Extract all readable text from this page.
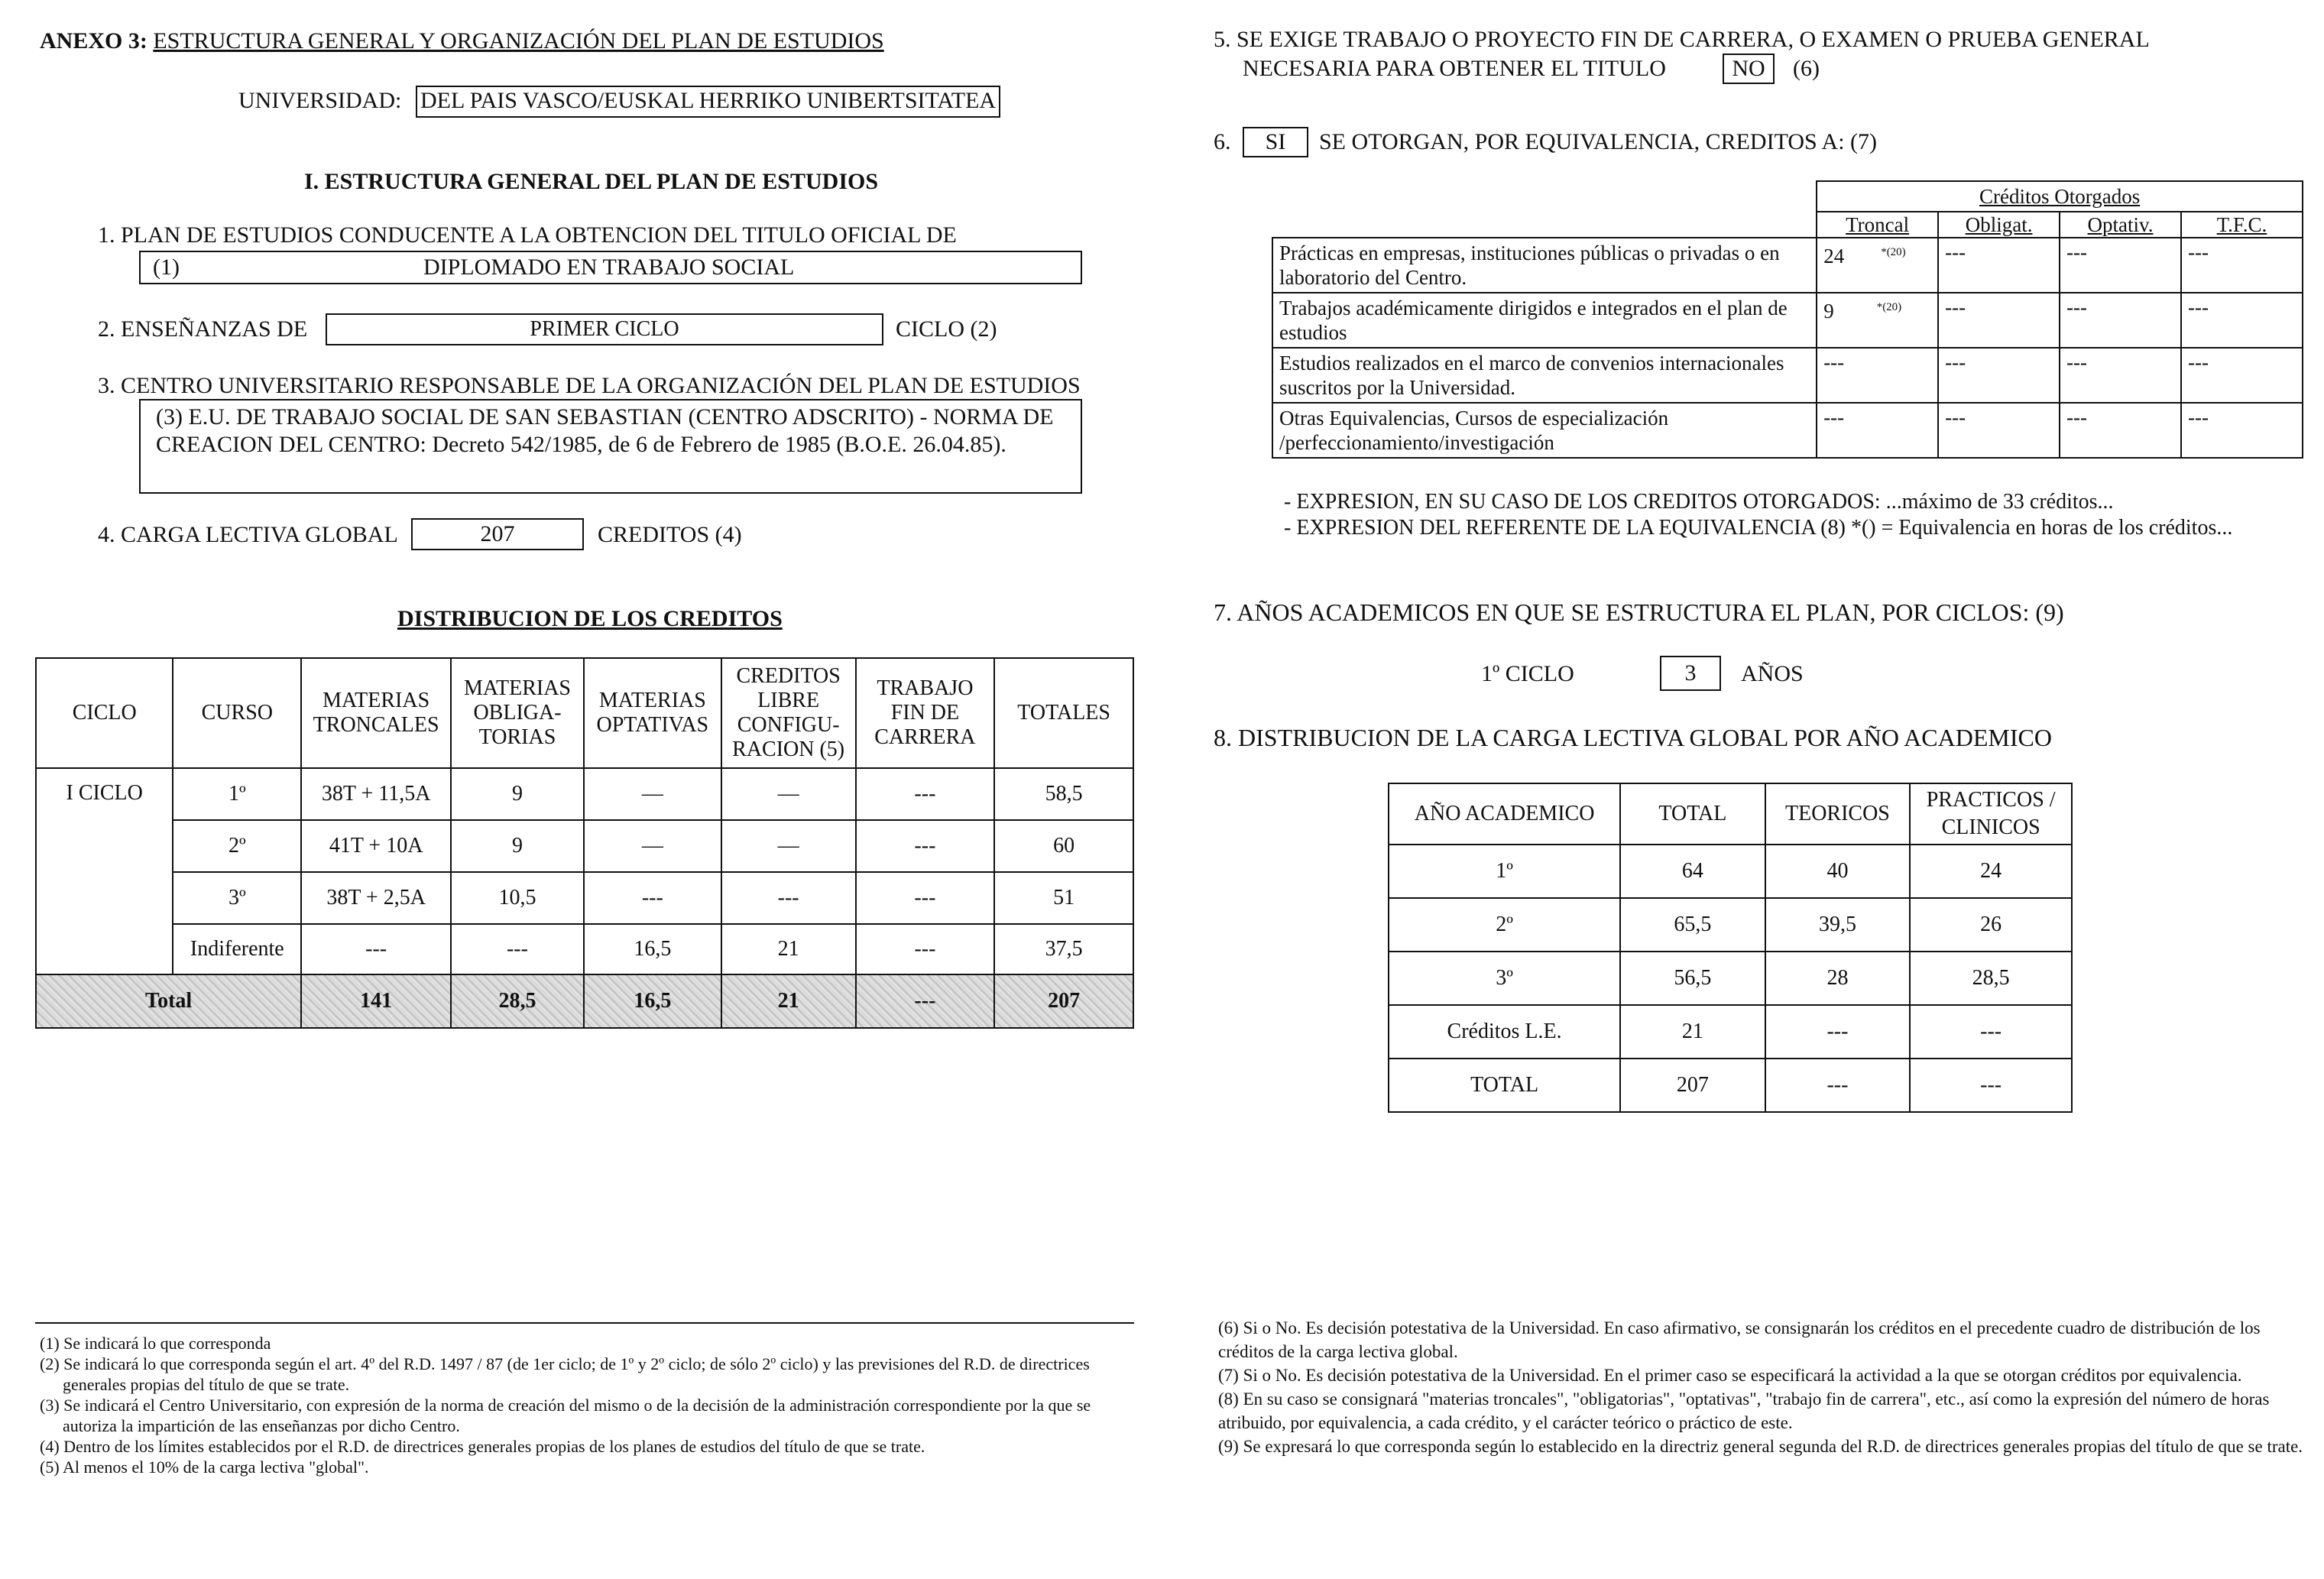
ANEXO 3: ESTRUCTURA GENERAL Y ORGANIZACIÓN DEL PLAN DE ESTUDIOS
UNIVERSIDAD: DEL PAIS VASCO/EUSKAL HERRIKO UNIBERTSITATEA
I. ESTRUCTURA GENERAL DEL PLAN DE ESTUDIOS
1. PLAN DE ESTUDIOS CONDUCENTE A LA OBTENCION DEL TITULO OFICIAL DE
(1)	DIPLOMADO EN TRABAJO SOCIAL
2. ENSEÑANZAS DE	PRIMER CICLO	CICLO (2)
3. CENTRO UNIVERSITARIO RESPONSABLE DE LA ORGANIZACIÓN DEL PLAN DE ESTUDIOS
(3) E.U. DE TRABAJO SOCIAL DE SAN SEBASTIAN (CENTRO ADSCRITO) - NORMA DE CREACION DEL CENTRO: Decreto 542/1985, de 6 de Febrero de 1985 (B.O.E. 26.04.85).
4. CARGA LECTIVA GLOBAL	207	CREDITOS (4)
DISTRIBUCION DE LOS CREDITOS
CICLO	CURSO	MATERIAS TRONCALES	MATERIAS OBLIGA-TORIAS	MATERIAS OPTATIVAS	CREDITOS LIBRE CONFIGU-RACION (5)	TRABAJO FIN DE CARRERA	TOTALES
I CICLO	1º	38T + 11,5A	9	—	—	---	58,5
	2º	41T + 10A	9	—	—	---	60
	3º	38T + 2,5A	10,5	---	---	---	51
	Indiferente	---	---	16,5	21	---	37,5
Total		141	28,5	16,5	21	---	207
(1) Se indicará lo que corresponda
(2) Se indicará lo que corresponda según el art. 4º del R.D. 1497 / 87 (de 1er ciclo; de 1º y 2º ciclo; de sólo 2º ciclo) y las previsiones del R.D. de directrices generales propias del título de que se trate.
(3) Se indicará el Centro Universitario, con expresión de la norma de creación del mismo o de la decisión de la administración correspondiente por la que se autoriza la impartición de las enseñanzas por dicho Centro.
(4) Dentro de los límites establecidos por el R.D. de directrices generales propias de los planes de estudios del título de que se trate.
(5) Al menos el 10% de la carga lectiva "global".
5. SE EXIGE TRABAJO O PROYECTO FIN DE CARRERA, O EXAMEN O PRUEBA GENERAL
NECESARIA PARA OBTENER EL TITULO	NO	(6)
6.	SI	SE OTORGAN, POR EQUIVALENCIA, CREDITOS A: (7)
	Créditos Otorgados			
	Troncal	Obligat.	Optativ.	T.F.C.
Prácticas en empresas, instituciones públicas o privadas o en laboratorio del Centro.	24 $^{*(20)}$	---	---	---
Trabajos académicamente dirigidos e integrados en el plan de estudios	9 $^{*(20)}$	---	---	---
Estudios realizados en el marco de convenios internacionales suscritos por la Universidad.	---	---	---	---
Otras Equivalencias, Cursos de especialización /perfeccionamiento/investigación	---	---	---	---
- EXPRESION, EN SU CASO DE LOS CREDITOS OTORGADOS: ...máximo de 33 créditos...
- EXPRESION DEL REFERENTE DE LA EQUIVALENCIA (8) *() = Equivalencia en horas de los créditos...
7. AÑOS ACADEMICOS EN QUE SE ESTRUCTURA EL PLAN, POR CICLOS: (9)
1º CICLO	3	AÑOS
8. DISTRIBUCION DE LA CARGA LECTIVA GLOBAL POR AÑO ACADEMICO
AÑO ACADEMICO	TOTAL	TEORICOS	PRACTICOS / CLINICOS
1º	64	40	24
2º	65,5	39,5	26
3º	56,5	28	28,5
Créditos L.E.	21	---	---
TOTAL	207	---	---
(6) Si o No. Es decisión potestativa de la Universidad. En caso afirmativo, se consignarán los créditos en el precedente cuadro de distribución de los créditos de la carga lectiva global.
(7) Si o No. Es decisión potestativa de la Universidad. En el primer caso se especificará la actividad a la que se otorgan créditos por equivalencia.
(8) En su caso se consignará "materias troncales", "obligatorias", "optativas", "trabajo fin de carrera", etc., así como la expresión del número de horas atribuido, por equivalencia, a cada crédito, y el carácter teórico o práctico de este.
(9) Se expresará lo que corresponda según lo establecido en la directriz general segunda del R.D. de directrices generales propias del título de que se trate.
